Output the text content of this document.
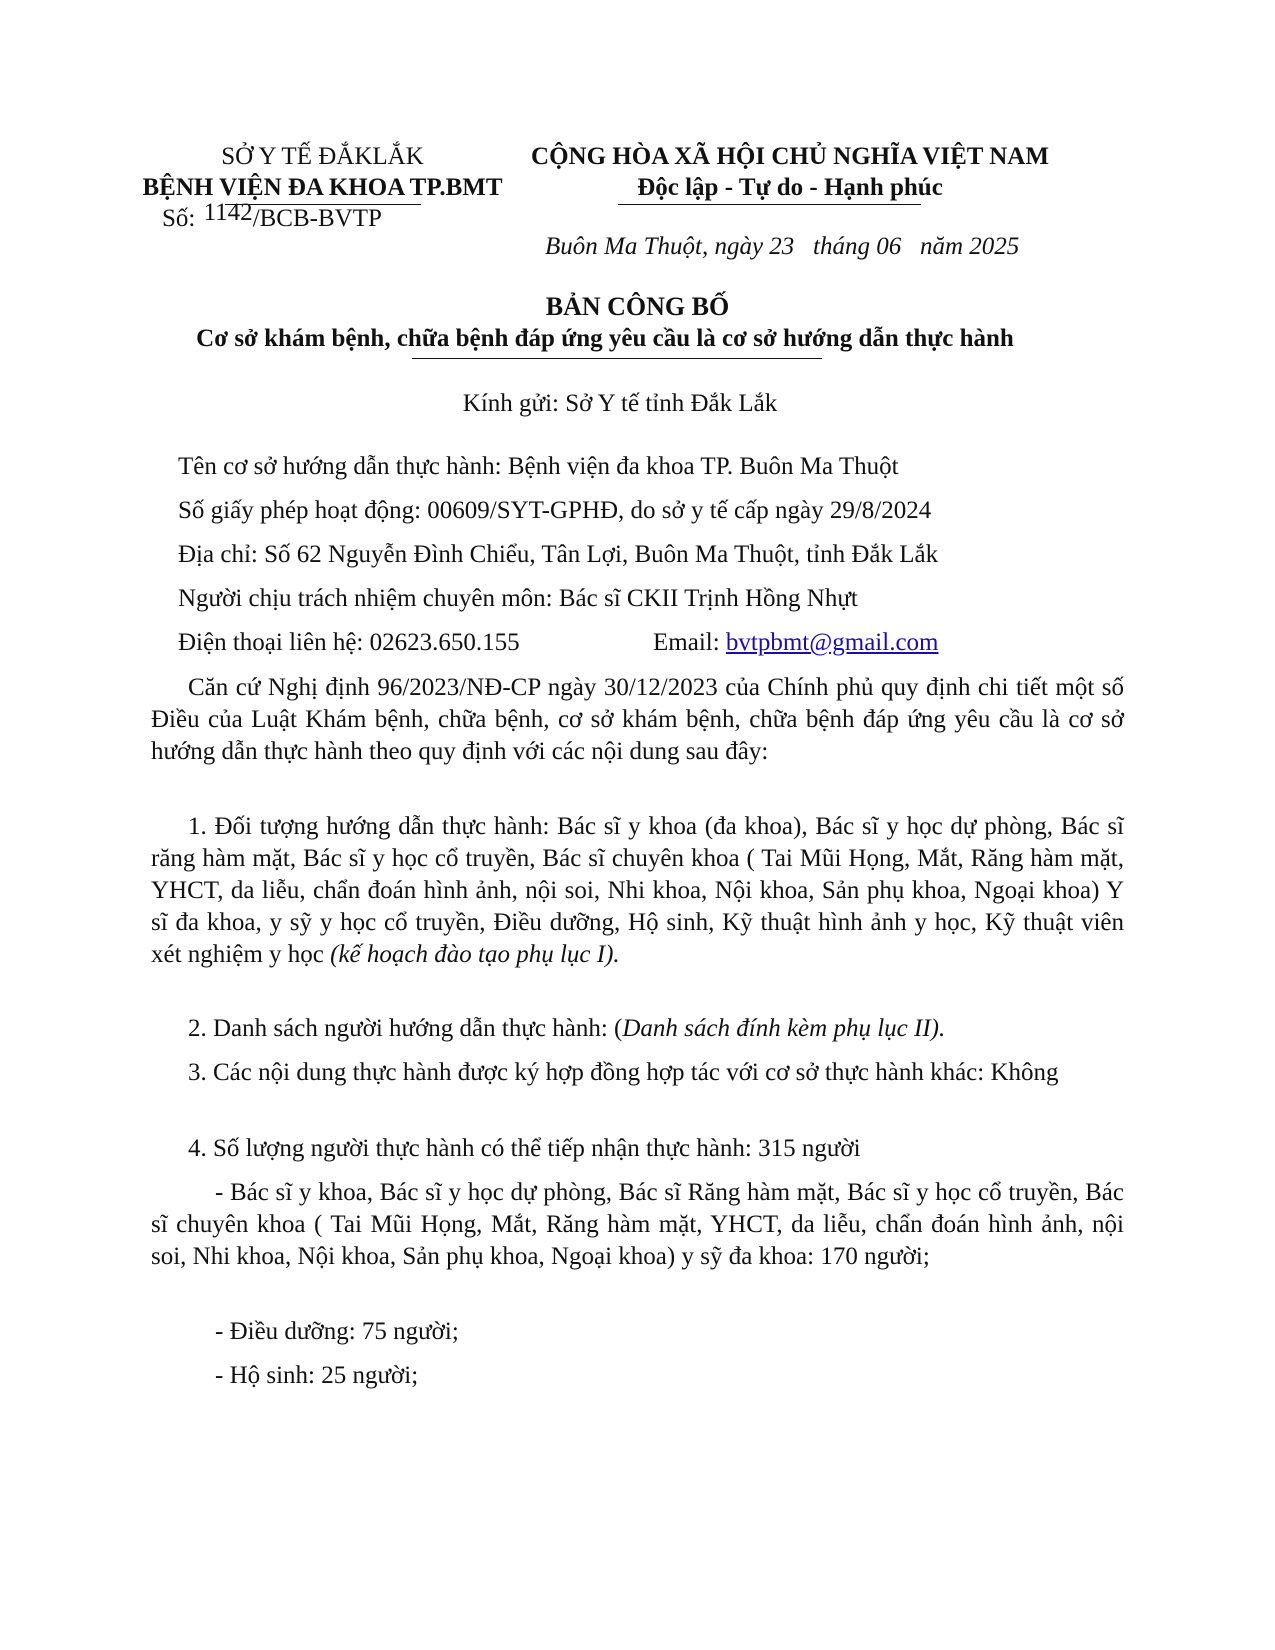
SỞ Y TẾ ĐẮKLẮK
BỆNH VIỆN ĐA KHOA TP.BMT
Số: 1142/BCB-BVTP
CỘNG HÒA XÃ HỘI CHỦ NGHĨA VIỆT NAM
Độc lập - Tự do - Hạnh phúc
Buôn Ma Thuột, ngày 23   tháng 06   năm 2025
BẢN CÔNG BỐ
Cơ sở khám bệnh, chữa bệnh đáp ứng yêu cầu là cơ sở hướng dẫn thực hành
Kính gửi: Sở Y tế tỉnh Đắk Lắk
Tên cơ sở hướng dẫn thực hành: Bệnh viện đa khoa TP. Buôn Ma Thuột
Số giấy phép hoạt động: 00609/SYT-GPHĐ, do sở y tế cấp ngày 29/8/2024
Địa chỉ: Số 62 Nguyễn Đình Chiểu, Tân Lợi, Buôn Ma Thuột, tỉnh Đắk Lắk
Người chịu trách nhiệm chuyên môn: Bác sĩ CKII Trịnh Hồng Nhựt
Điện thoại liên hệ: 02623.650.155	Email: bvtpbmt@gmail.com
Căn cứ Nghị định 96/2023/NĐ-CP ngày 30/12/2023 của Chính phủ quy định chi tiết một số Điều của Luật Khám bệnh, chữa bệnh, cơ sở khám bệnh, chữa bệnh đáp ứng yêu cầu là cơ sở hướng dẫn thực hành theo quy định với các nội dung sau đây:
1. Đối tượng hướng dẫn thực hành: Bác sĩ y khoa (đa khoa), Bác sĩ y học dự phòng, Bác sĩ răng hàm mặt, Bác sĩ y học cổ truyền, Bác sĩ chuyên khoa ( Tai Mũi Họng, Mắt, Răng hàm mặt, YHCT, da liễu, chẩn đoán hình ảnh, nội soi, Nhi khoa, Nội khoa, Sản phụ khoa, Ngoại khoa) Y sĩ đa khoa, y sỹ y học cổ truyền, Điều dưỡng, Hộ sinh, Kỹ thuật hình ảnh y học, Kỹ thuật viên xét nghiệm y học (kế hoạch đào tạo phụ lục I).
2. Danh sách người hướng dẫn thực hành: (Danh sách đính kèm phụ lục II).
3. Các nội dung thực hành được ký hợp đồng hợp tác với cơ sở thực hành khác: Không
4. Số lượng người thực hành có thể tiếp nhận thực hành: 315 người
- Bác sĩ y khoa, Bác sĩ y học dự phòng, Bác sĩ Răng hàm mặt, Bác sĩ y học cổ truyền, Bác sĩ chuyên khoa ( Tai Mũi Họng, Mắt, Răng hàm mặt, YHCT, da liễu, chẩn đoán hình ảnh, nội soi, Nhi khoa, Nội khoa, Sản phụ khoa, Ngoại khoa) y sỹ đa khoa: 170 người;
- Điều dưỡng: 75 người;
- Hộ sinh: 25 người;
